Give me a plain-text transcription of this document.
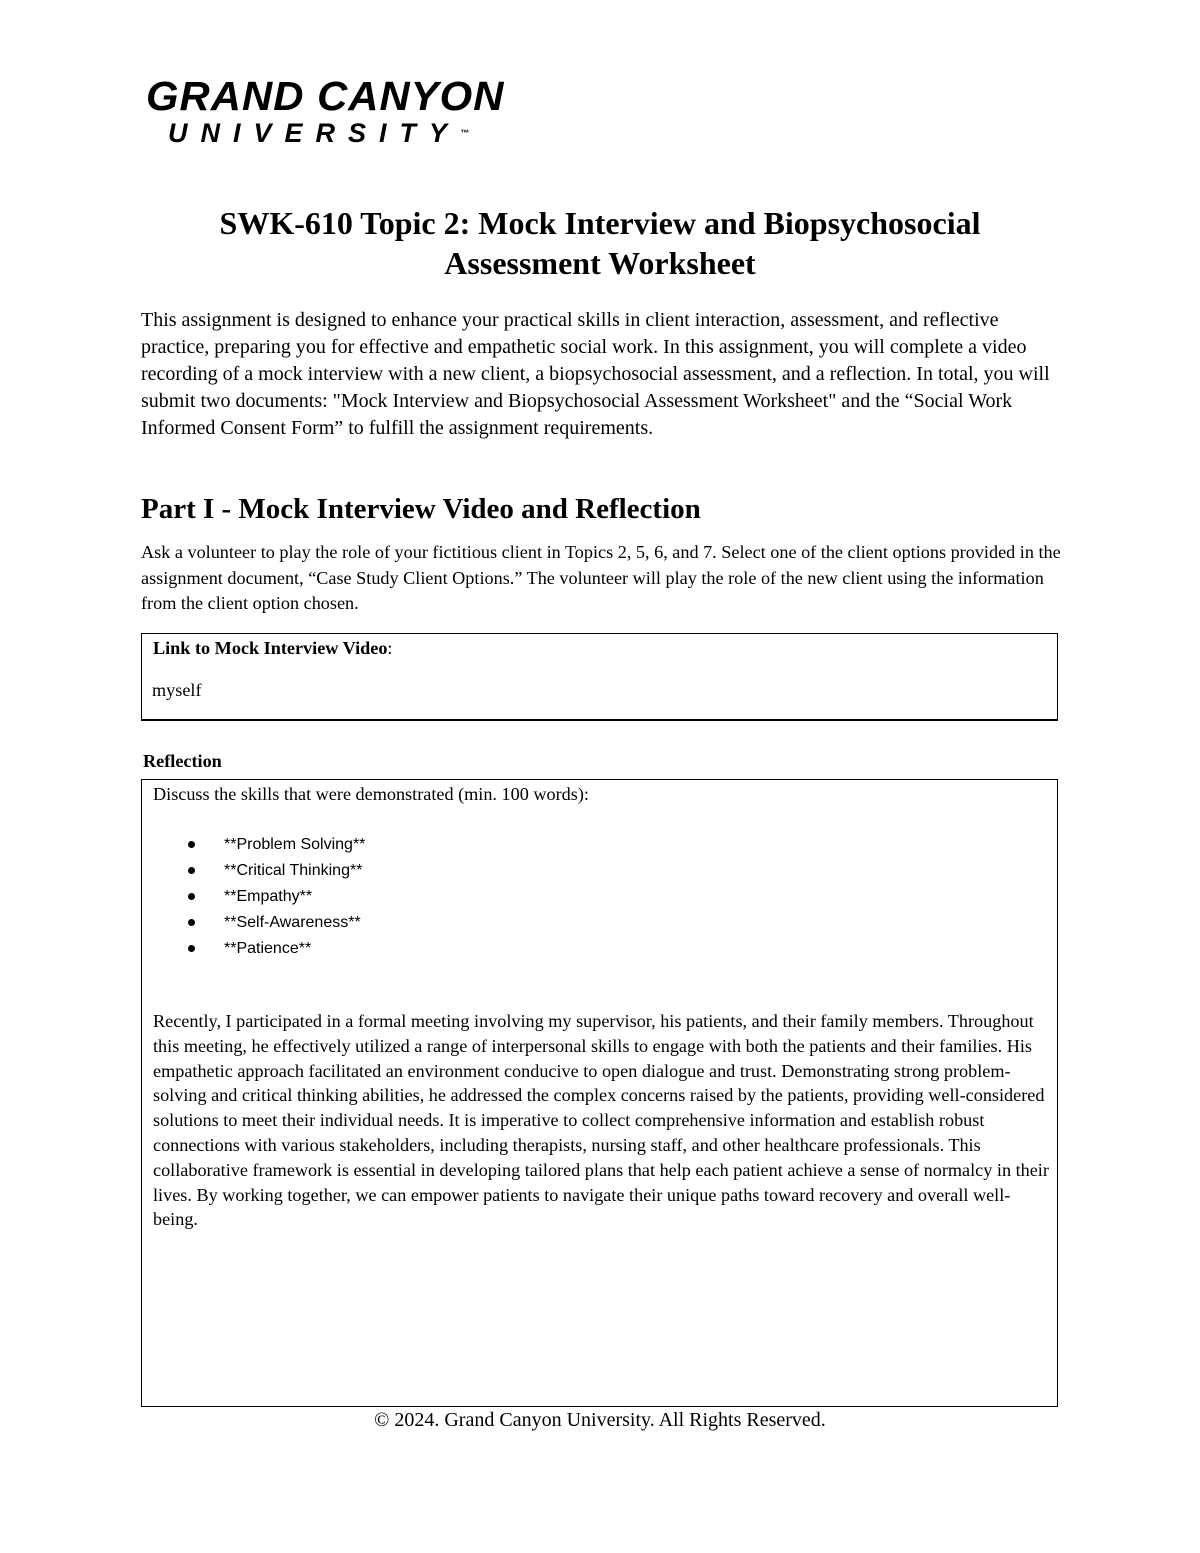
GRAND CANYON
UNIVERSITY™
SWK-610 Topic 2: Mock Interview and Biopsychosocial
Assessment Worksheet
This assignment is designed to enhance your practical skills in client interaction, assessment, and reflective practice, preparing you for effective and empathetic social work. In this assignment, you will complete a video recording of a mock interview with a new client, a biopsychosocial assessment, and a reflection. In total, you will submit two documents: "Mock Interview and Biopsychosocial Assessment Worksheet" and the “Social Work Informed Consent Form” to fulfill the assignment requirements.
Part I - Mock Interview Video and Reflection
Ask a volunteer to play the role of your fictitious client in Topics 2, 5, 6, and 7. Select one of the client options provided in the assignment document, “Case Study Client Options.” The volunteer will play the role of the new client using the information from the client option chosen.
Link to Mock Interview Video:
myself
Reflection
Discuss the skills that were demonstrated (min. 100 words):
**Problem Solving**
**Critical Thinking**
**Empathy**
**Self-Awareness**
**Patience**
Recently, I participated in a formal meeting involving my supervisor, his patients, and their family members. Throughout this meeting, he effectively utilized a range of interpersonal skills to engage with both the patients and their families. His empathetic approach facilitated an environment conducive to open dialogue and trust. Demonstrating strong problem-solving and critical thinking abilities, he addressed the complex concerns raised by the patients, providing well-considered solutions to meet their individual needs. It is imperative to collect comprehensive information and establish robust connections with various stakeholders, including therapists, nursing staff, and other healthcare professionals. This collaborative framework is essential in developing tailored plans that help each patient achieve a sense of normalcy in their lives. By working together, we can empower patients to navigate their unique paths toward recovery and overall well-being.
© 2024. Grand Canyon University. All Rights Reserved.
